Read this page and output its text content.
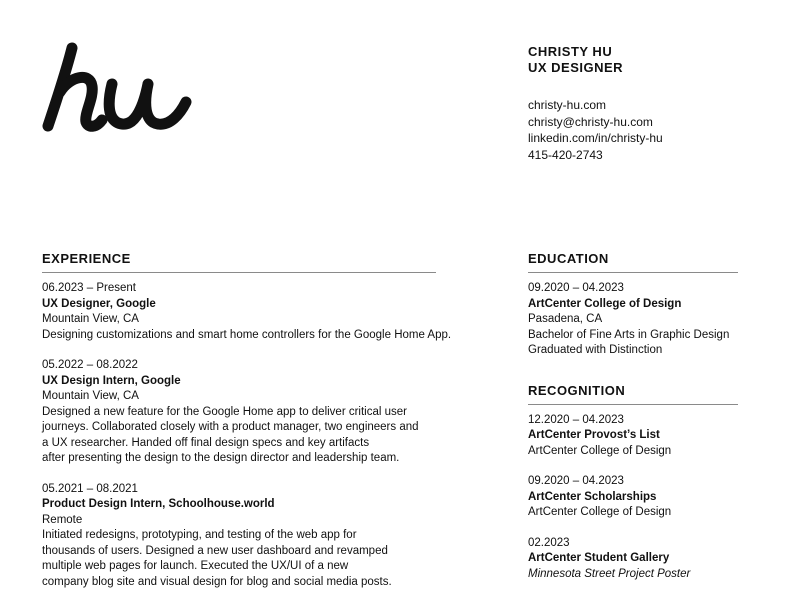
CHRISTY HU
UX DESIGNER
christy-hu.com
christy@christy-hu.com
linkedin.com/in/christy-hu
415-420-2743
EXPERIENCE
06.2023 – Present
UX Designer, Google
Mountain View, CA
Designing customizations and smart home controllers for the Google Home App.
05.2022 – 08.2022
UX Design Intern, Google
Mountain View, CA
Designed a new feature for the Google Home app to deliver critical user
journeys. Collaborated closely with a product manager, two engineers and
a UX researcher. Handed off final design specs and key artifacts
after presenting the design to the design director and leadership team.
05.2021 – 08.2021
Product Design Intern, Schoolhouse.world
Remote
Initiated redesigns, prototyping, and testing of the web app for
thousands of users. Designed a new user dashboard and revamped
multiple web pages for launch. Executed the UX/UI of a new
company blog site and visual design for blog and social media posts.
EDUCATION
09.2020 – 04.2023
ArtCenter College of Design
Pasadena, CA
Bachelor of Fine Arts in Graphic Design
Graduated with Distinction
RECOGNITION
12.2020 – 04.2023
ArtCenter Provost’s List
ArtCenter College of Design
09.2020 – 04.2023
ArtCenter Scholarships
ArtCenter College of Design
02.2023
ArtCenter Student Gallery
Minnesota Street Project Poster
